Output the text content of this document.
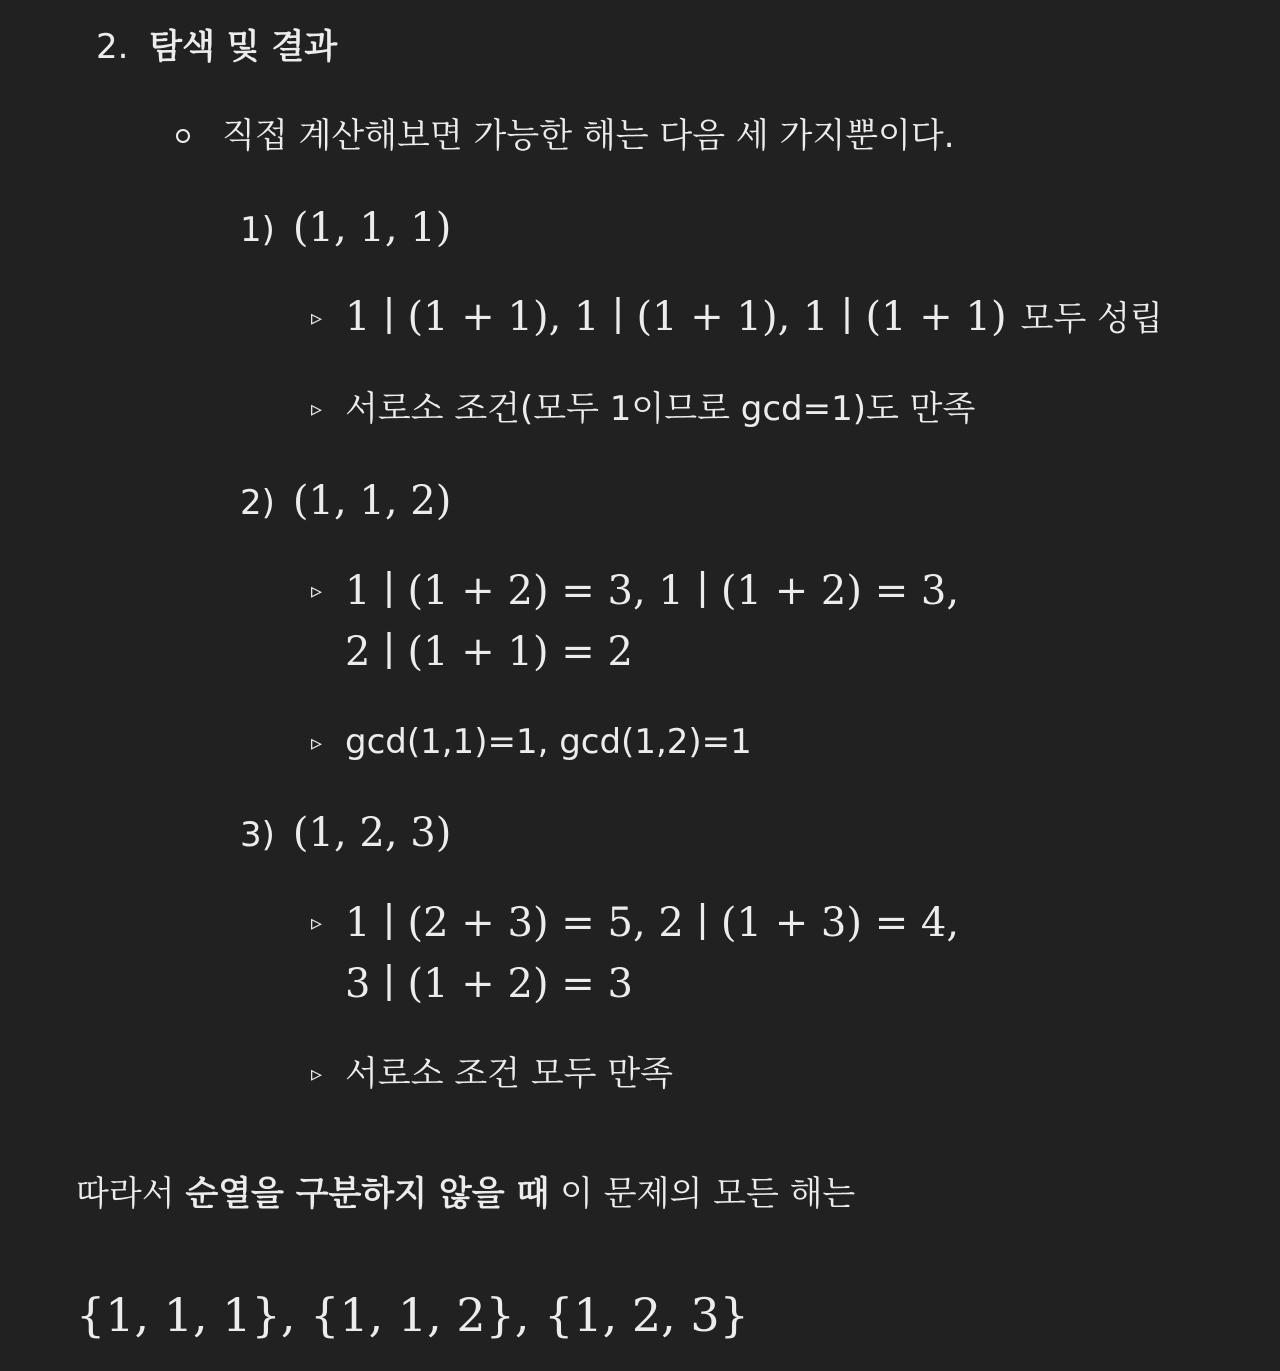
2. 탐색 및 결과
직접 계산해보면 가능한 해는 다음 세 가지뿐이다.
1) (1, 1, 1)
▹ 1 ∣ (1 + 1), 1 ∣ (1 + 1), 1 ∣ (1 + 1) 모두 성립
▹ 서로소 조건(모두 1이므로 gcd=1)도 만족
2) (1, 1, 2)
▹ 1 ∣ (1 + 2) = 3, 1 ∣ (1 + 2) = 3,
2 ∣ (1 + 1) = 2
▹ gcd(1,1)=1, gcd(1,2)=1
3) (1, 2, 3)
▹ 1 ∣ (2 + 3) = 5, 2 ∣ (1 + 3) = 4,
3 ∣ (1 + 2) = 3
▹ 서로소 조건 모두 만족
따라서 순열을 구분하지 않을 때 이 문제의 모든 해는
{1, 1, 1}, {1, 1, 2}, {1, 2, 3}
